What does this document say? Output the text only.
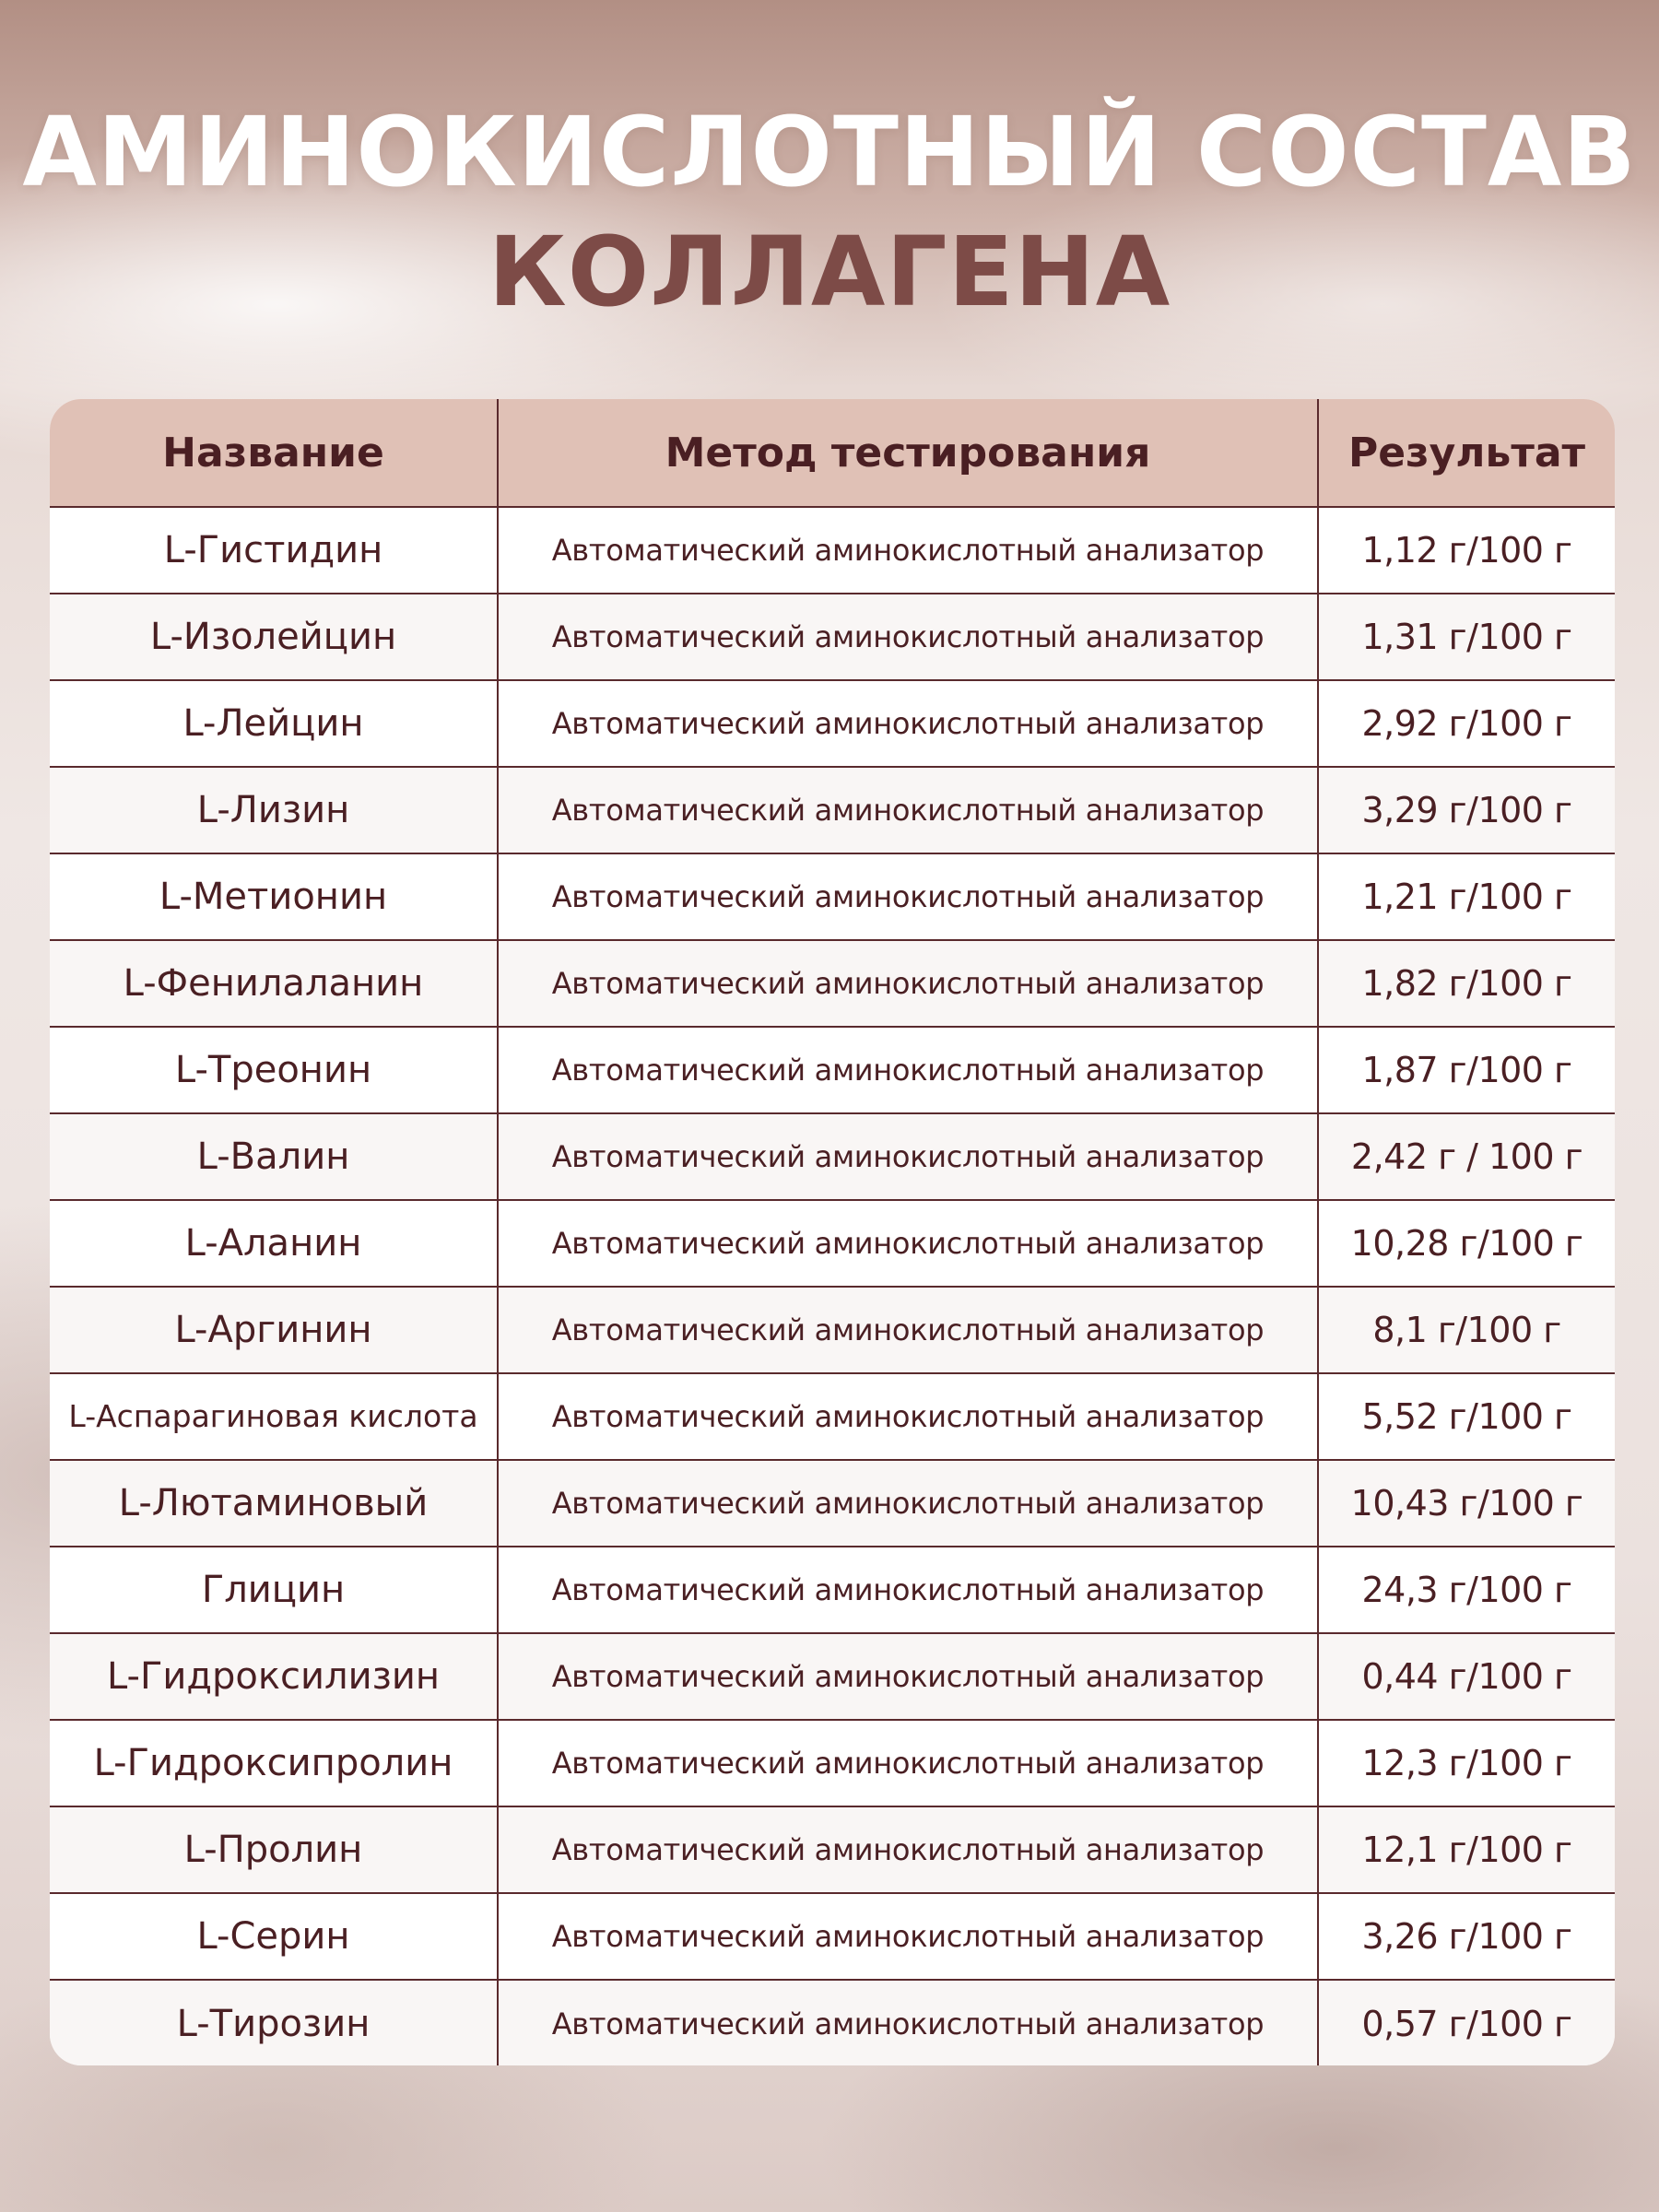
АМИНОКИСЛОТНЫЙ СОСТАВ
КОЛЛАГЕНА
Название	Метод тестирования	Результат
L-Гистидин	Автоматический аминокислотный анализатор	1,12 г/100 г
L-Изолейцин	Автоматический аминокислотный анализатор	1,31 г/100 г
L-Лейцин	Автоматический аминокислотный анализатор	2,92 г/100 г
L-Лизин	Автоматический аминокислотный анализатор	3,29 г/100 г
L-Метионин	Автоматический аминокислотный анализатор	1,21 г/100 г
L-Фенилаланин	Автоматический аминокислотный анализатор	1,82 г/100 г
L-Треонин	Автоматический аминокислотный анализатор	1,87 г/100 г
L-Валин	Автоматический аминокислотный анализатор	2,42 г / 100 г
L-Аланин	Автоматический аминокислотный анализатор	10,28 г/100 г
L-Аргинин	Автоматический аминокислотный анализатор	8,1 г/100 г
L-Аспарагиновая кислота	Автоматический аминокислотный анализатор	5,52 г/100 г
L-Лютаминовый	Автоматический аминокислотный анализатор	10,43 г/100 г
Глицин	Автоматический аминокислотный анализатор	24,3 г/100 г
L-Гидроксилизин	Автоматический аминокислотный анализатор	0,44 г/100 г
L-Гидроксипролин	Автоматический аминокислотный анализатор	12,3 г/100 г
L-Пролин	Автоматический аминокислотный анализатор	12,1 г/100 г
L-Серин	Автоматический аминокислотный анализатор	3,26 г/100 г
L-Тирозин	Автоматический аминокислотный анализатор	0,57 г/100 г
